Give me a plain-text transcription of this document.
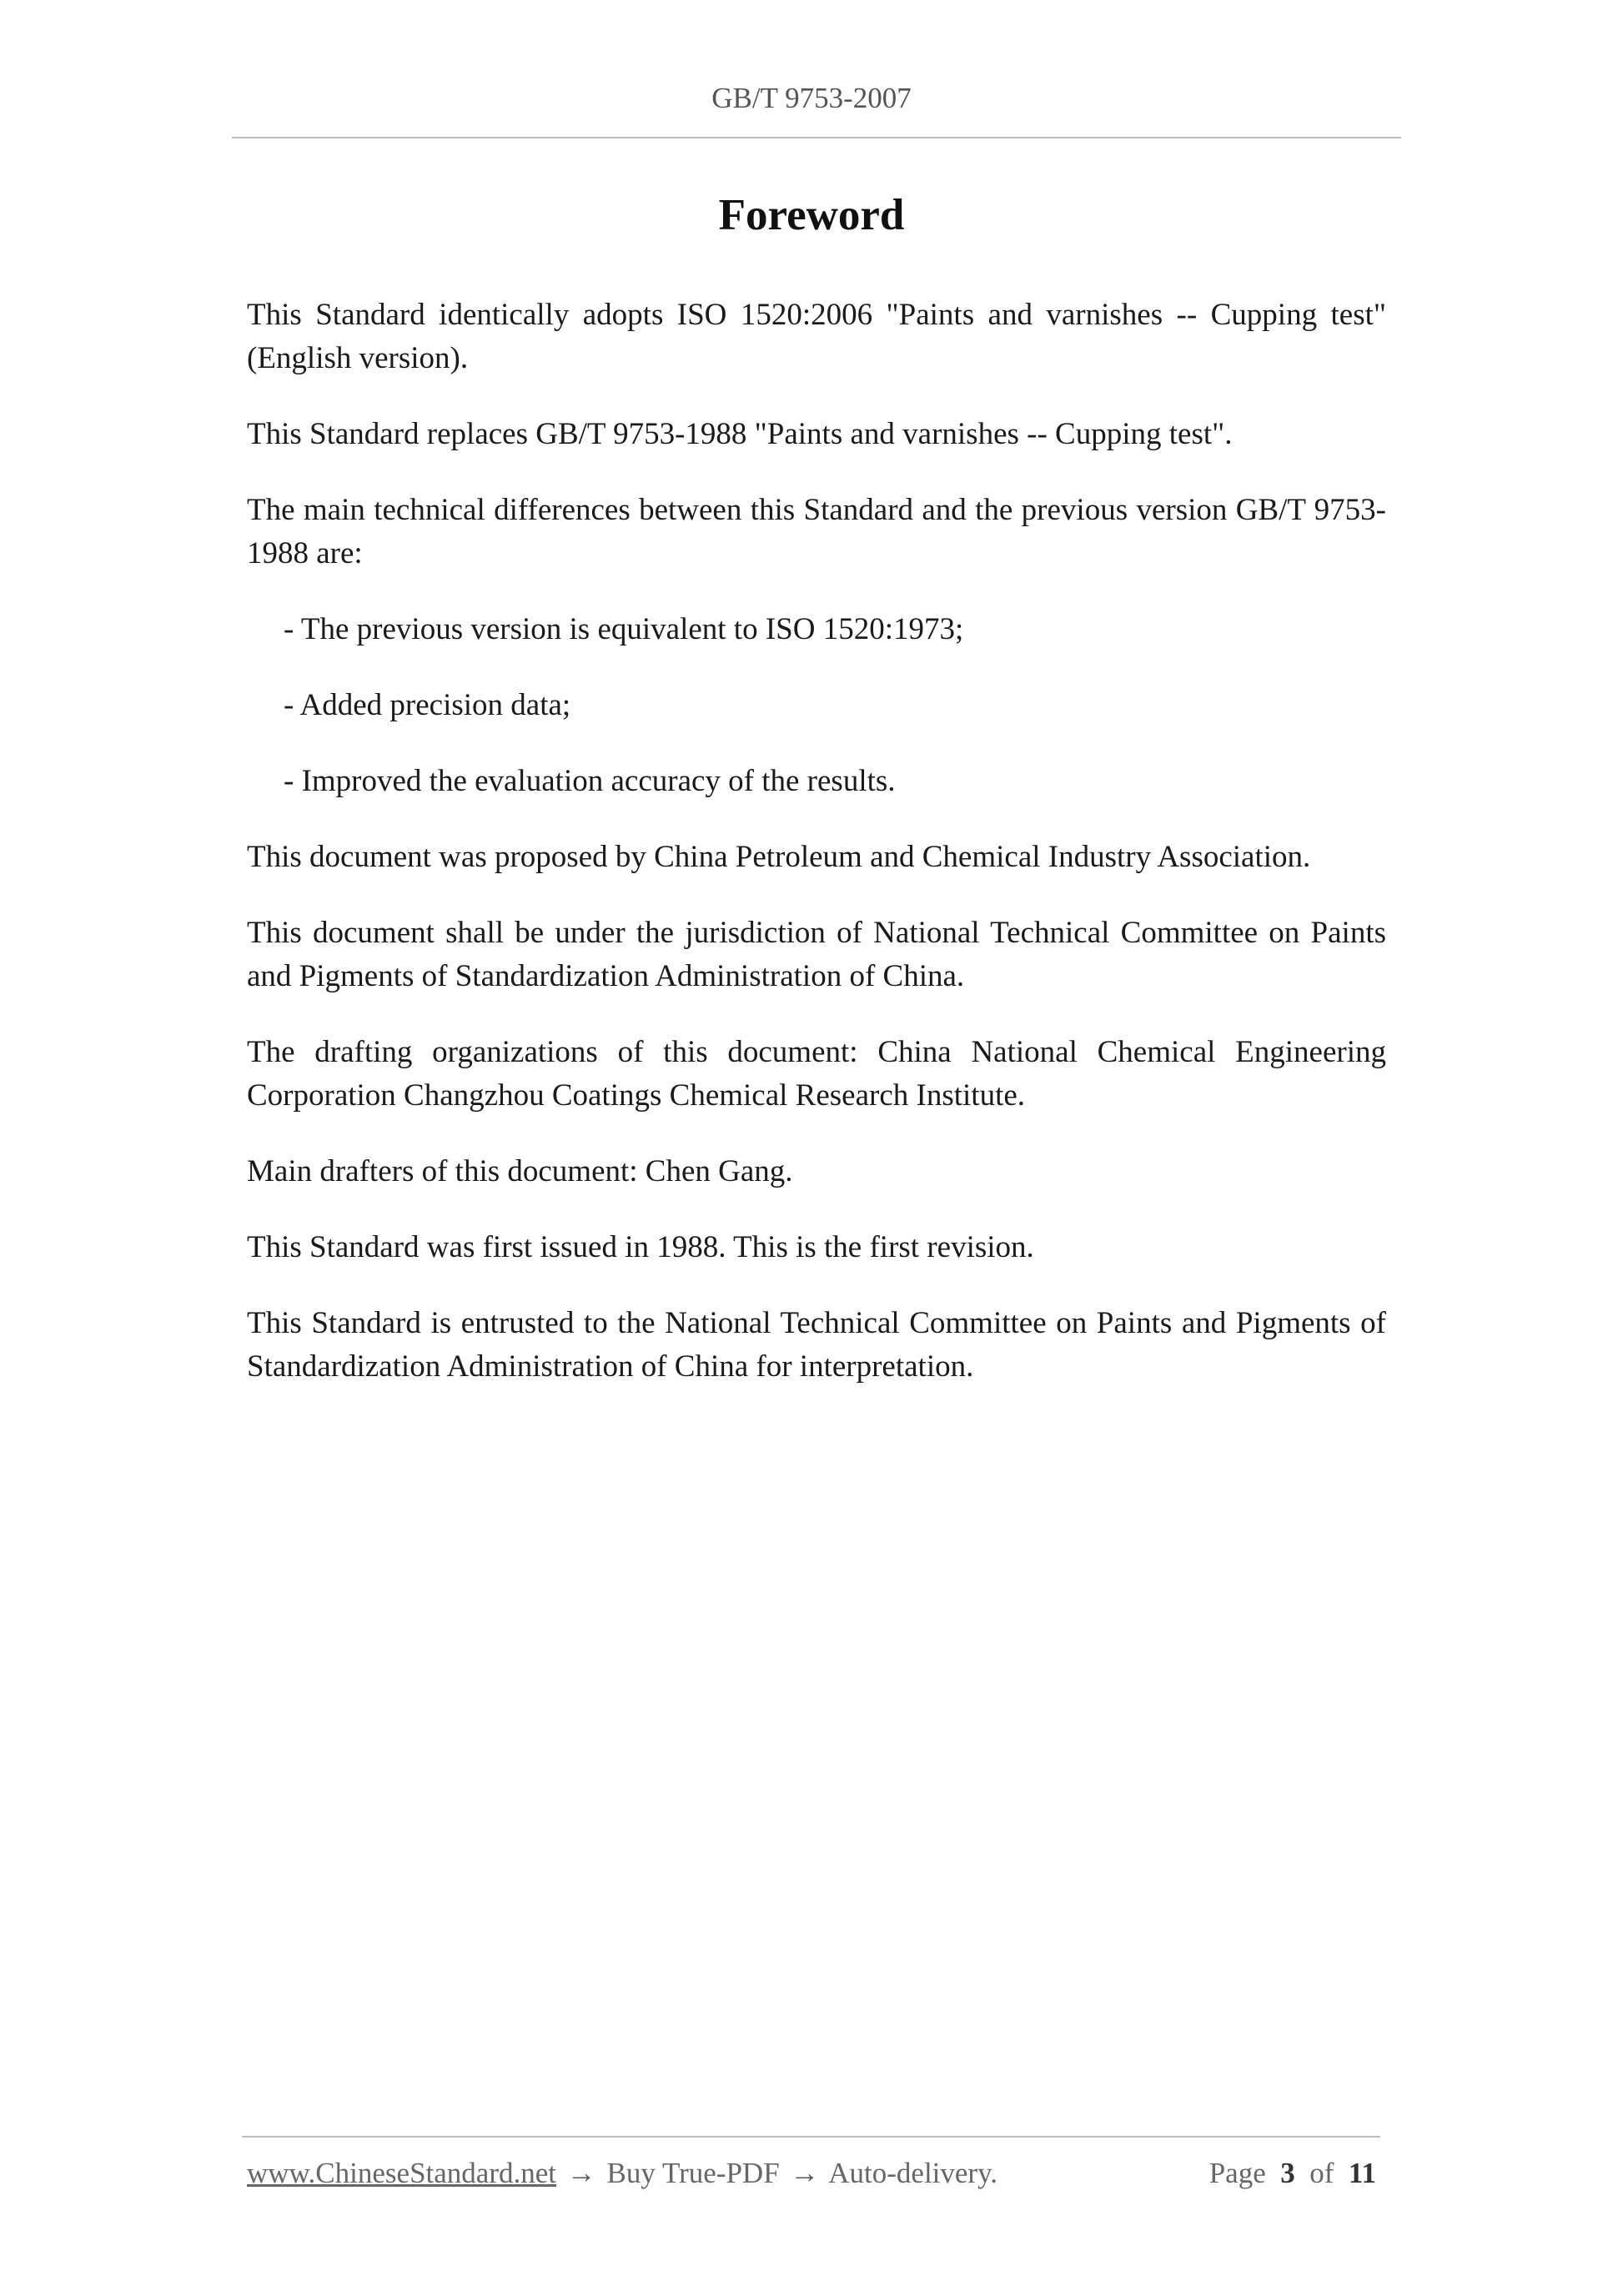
GB/T 9753-2007
Foreword

This Standard identically adopts ISO 1520:2006 "Paints and varnishes -- Cupping test" (English version).

This Standard replaces GB/T 9753-1988 "Paints and varnishes -- Cupping test".

The main technical differences between this Standard and the previous version GB/T 9753-1988 are:

- The previous version is equivalent to ISO 1520:1973;

- Added precision data;

- Improved the evaluation accuracy of the results.

This document was proposed by China Petroleum and Chemical Industry Association.

This document shall be under the jurisdiction of National Technical Committee on Paints and Pigments of Standardization Administration of China.

The drafting organizations of this document: China National Chemical Engineering Corporation Changzhou Coatings Chemical Research Institute.

Main drafters of this document: Chen Gang.

This Standard was first issued in 1988. This is the first revision.

This Standard is entrusted to the National Technical Committee on Paints and Pigments of Standardization Administration of China for interpretation.

www.ChineseStandard.net → Buy True-PDF → Auto-delivery.	Page 3 of 11
